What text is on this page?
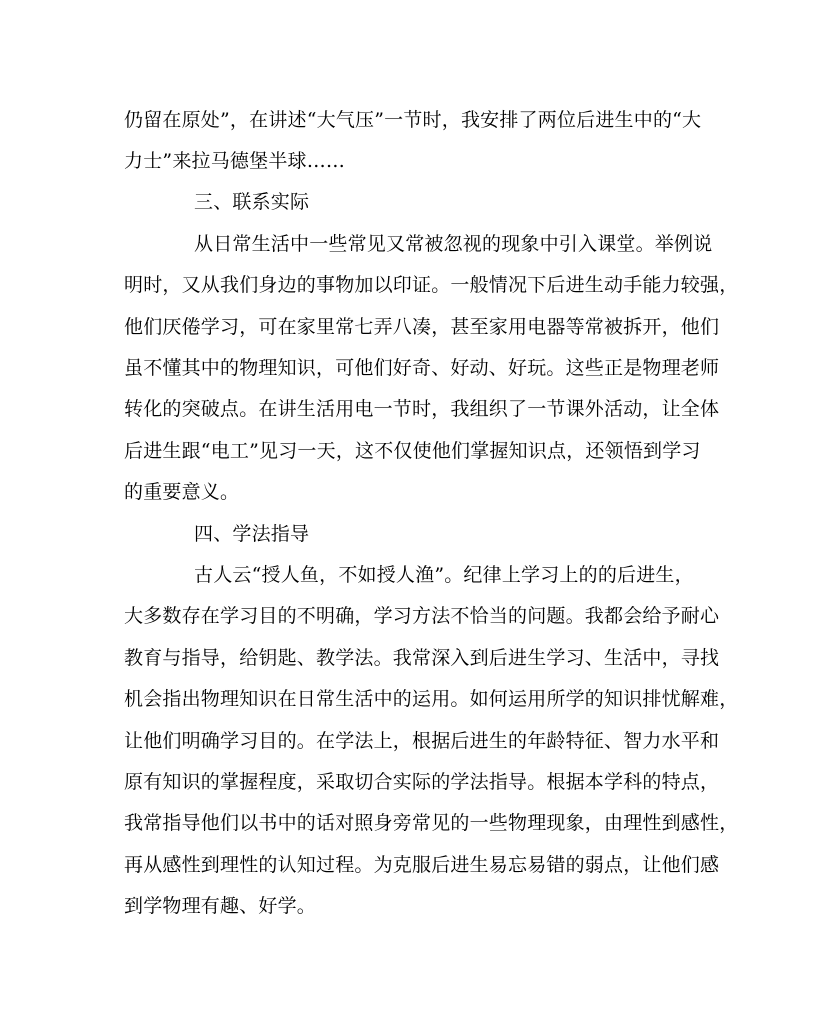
仍留在原处”，在讲述“大气压”一节时，我安排了两位后进生中的“大
力士”来拉马德堡半球……
三、联系实际
从日常生活中一些常见又常被忽视的现象中引入课堂。举例说
明时，又从我们身边的事物加以印证。一般情况下后进生动手能力较强，
他们厌倦学习，可在家里常七弄八凑，甚至家用电器等常被拆开，他们
虽不懂其中的物理知识，可他们好奇、好动、好玩。这些正是物理老师
转化的突破点。在讲生活用电一节时，我组织了一节课外活动，让全体
后进生跟“电工”见习一天，这不仅使他们掌握知识点，还领悟到学习
的重要意义。
四、学法指导
古人云“授人鱼，不如授人渔”。纪律上学习上的的后进生，
大多数存在学习目的不明确，学习方法不恰当的问题。我都会给予耐心
教育与指导，给钥匙、教学法。我常深入到后进生学习、生活中，寻找
机会指出物理知识在日常生活中的运用。如何运用所学的知识排忧解难，
让他们明确学习目的。在学法上，根据后进生的年龄特征、智力水平和
原有知识的掌握程度，采取切合实际的学法指导。根据本学科的特点，
我常指导他们以书中的话对照身旁常见的一些物理现象，由理性到感性，
再从感性到理性的认知过程。为克服后进生易忘易错的弱点，让他们感
到学物理有趣、好学。
